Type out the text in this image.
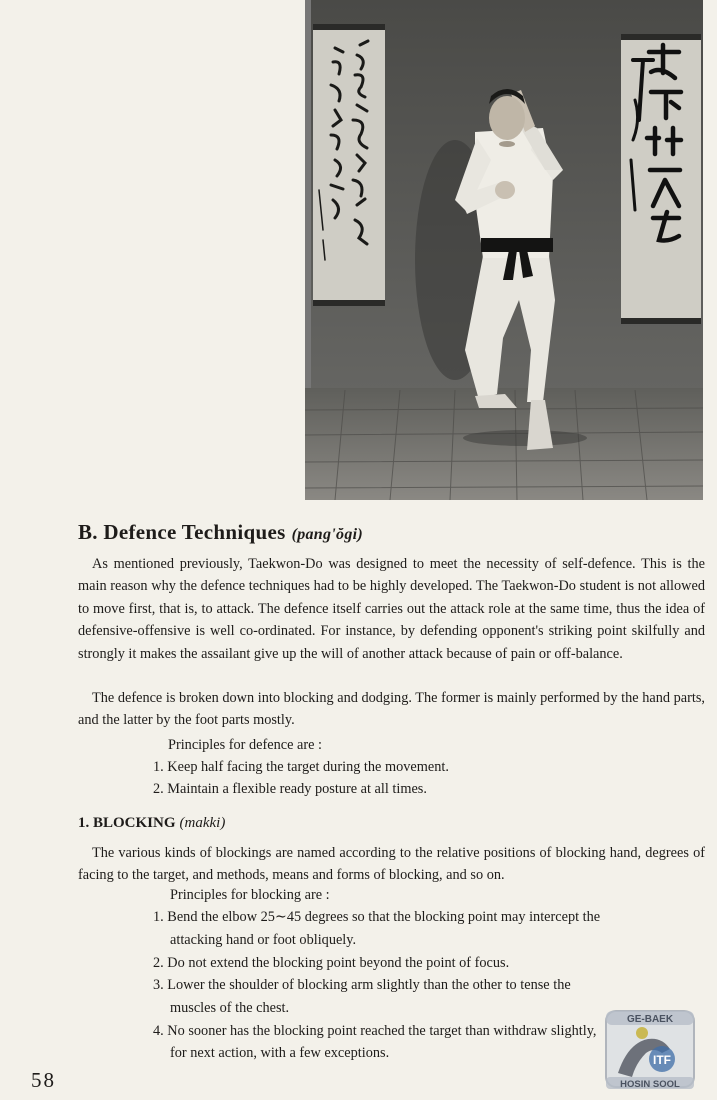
B. Defence Techniques (pang'ŏgi)

As mentioned previously, Taekwon-Do was designed to meet the necessity of self-defence. This is the main reason why the defence techniques had to be highly developed. The Taekwon-Do student is not allowed to move first, that is, to attack. The defence itself carries out the attack role at the same time, thus the idea of defensive-offensive is well co-ordinated. For instance, by defending opponent's striking point skilfully and strongly it makes the assailant give up the will of another attack because of pain or off-balance.

The defence is broken down into blocking and dodging. The former is mainly performed by the hand parts, and the latter by the foot parts mostly.

Principles for defence are :

1. Keep half facing the target during the movement.

2. Maintain a flexible ready posture at all times.

1. BLOCKING (makki)

The various kinds of blockings are named according to the relative positions of blocking hand, degrees of facing to the target, and methods, means and forms of blocking, and so on.

Principles for blocking are :

1. Bend the elbow 25∼45 degrees so that the blocking point may intercept the

attacking hand or foot obliquely.

2. Do not extend the blocking point beyond the point of focus.

3. Lower the shoulder of blocking arm slightly than the other to tense the

muscles of the chest.

4. No sooner has the blocking point reached the target than withdraw slightly,

for next action, with a few exceptions.

58

GE-BAEK
ITF
HOSIN SOOL
